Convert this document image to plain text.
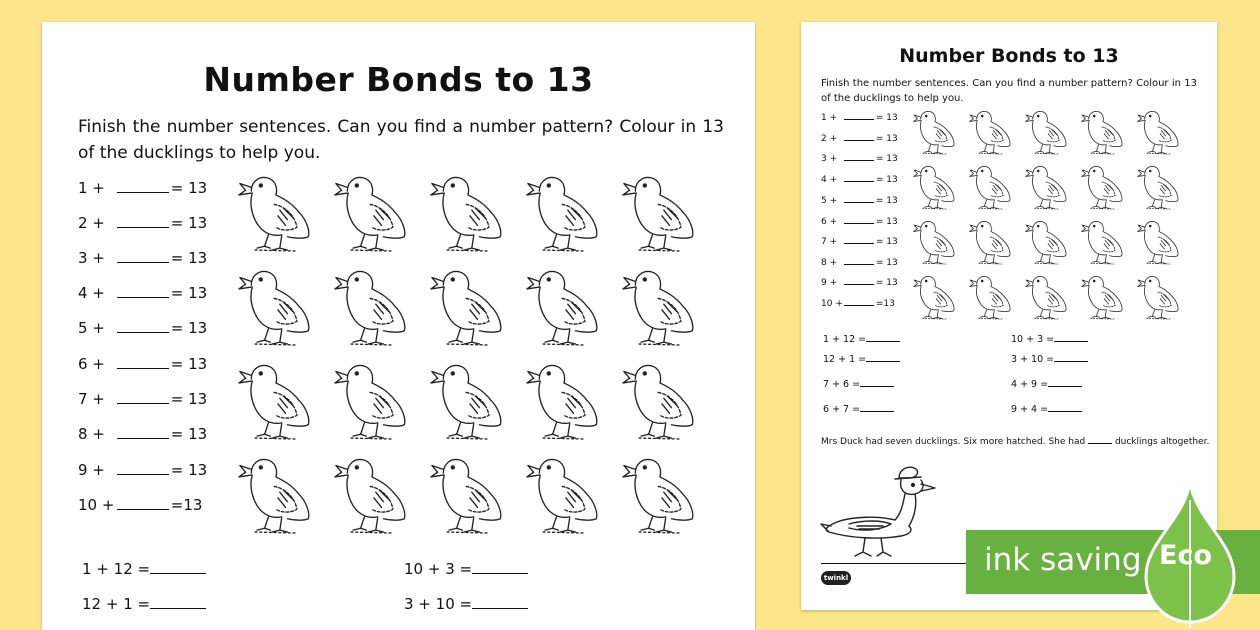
Number Bonds to 13
Finish the number sentences. Can you find a number pattern? Colour in 13 of the ducklings to help you.
1 +	= 13
2 +	= 13
3 +	= 13
4 +	= 13
5 +	= 13
6 +	= 13
7 +	= 13
8 +	= 13
9 +	= 13
10 +	=13
1 + 12 =	10 + 3 =
12 + 1 =	3 + 10 =
Number Bonds to 13
Finish the number sentences. Can you find a number pattern? Colour in 13 of the ducklings to help you.
1 +	= 13
2 +	= 13
3 +	= 13
4 +	= 13
5 +	= 13
6 +	= 13
7 +	= 13
8 +	= 13
9 +	= 13
10 +	=13
1 + 12 =	10 + 3 =
12 + 1 =	3 + 10 =
7 + 6 =	4 + 9 =
6 + 7 =	9 + 4 =
Mrs Duck had seven ducklings. Six more hatched. She had	ducklings altogether.
twinkl	ink saving Eco
